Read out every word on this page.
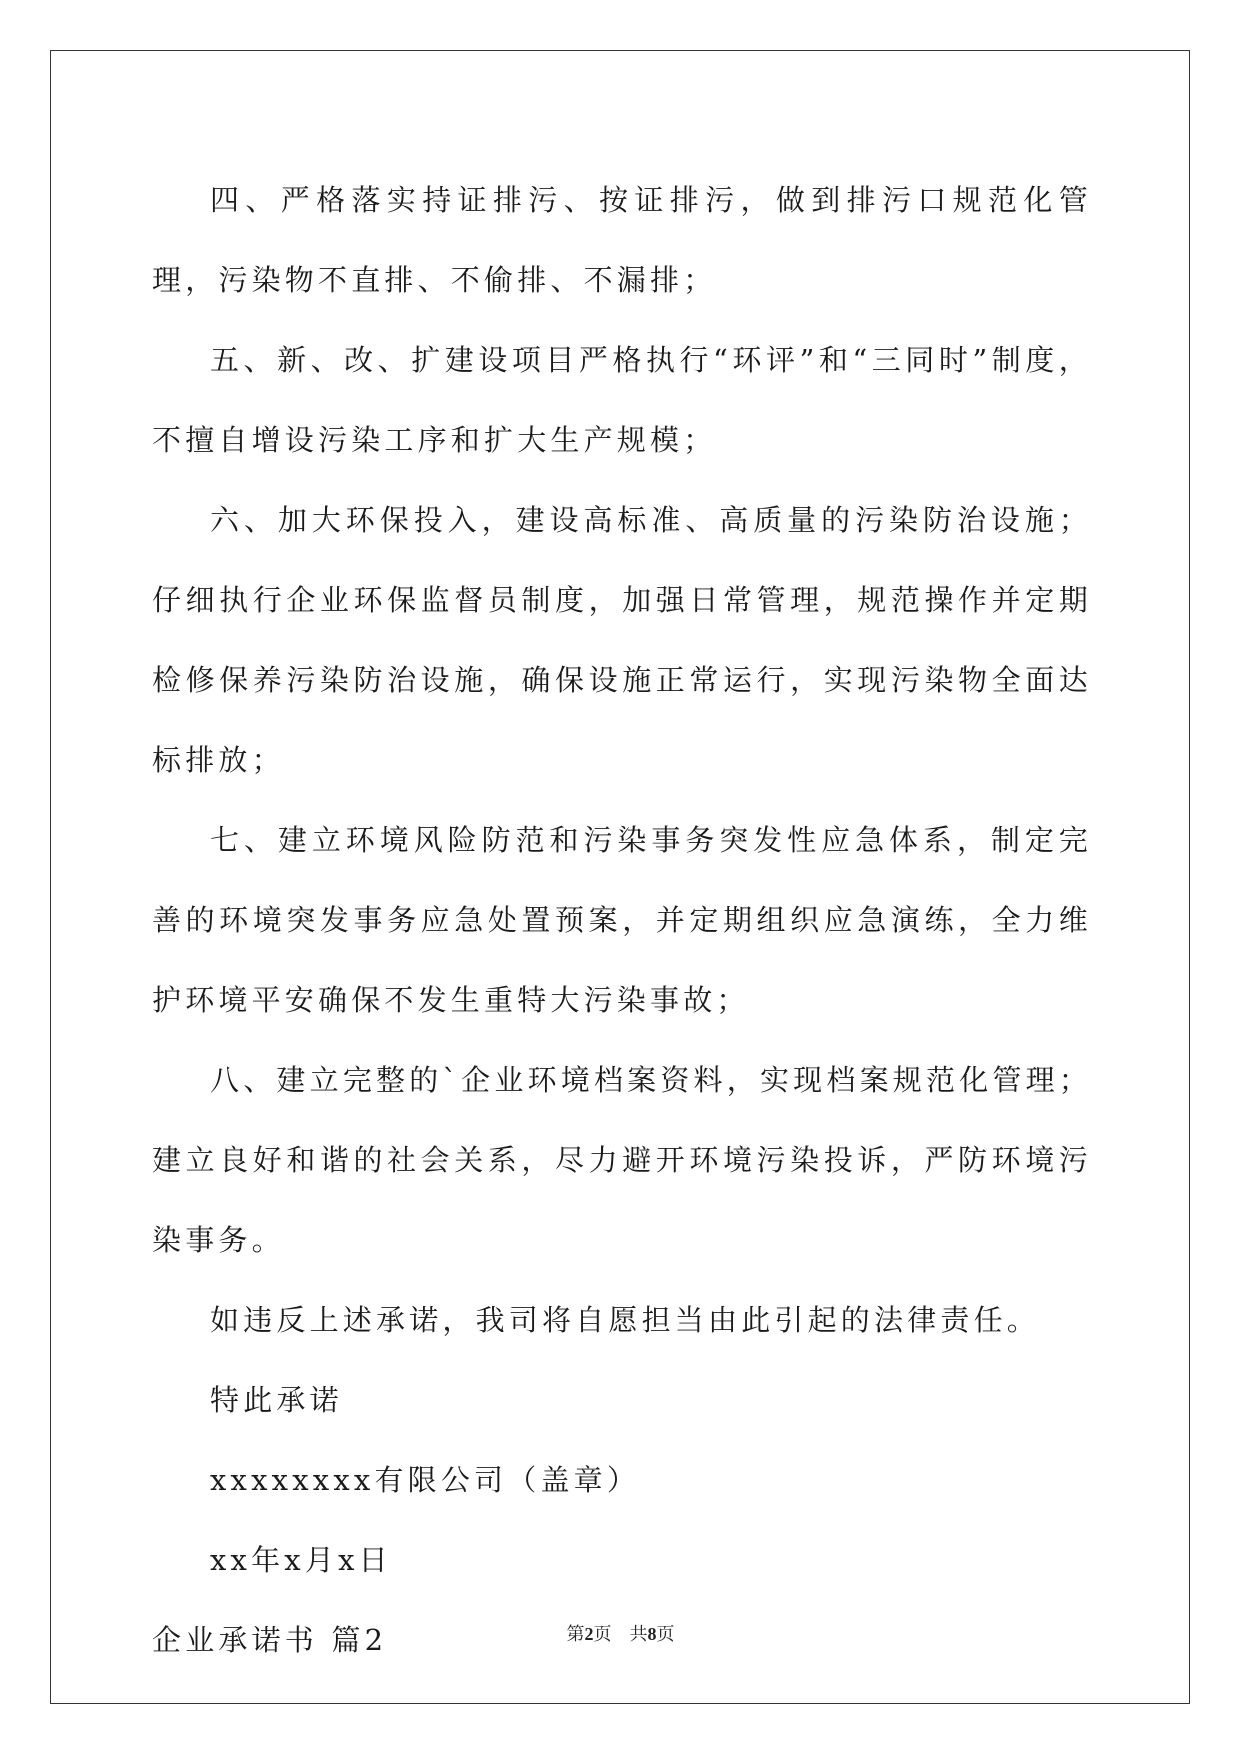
四、严格落实持证排污、按证排污，做到排污口规范化管理，污染物不直排、不偷排、不漏排；

五、新、改、扩建设项目严格执行“环评”和“三同时”制度，不擅自增设污染工序和扩大生产规模；

六、加大环保投入，建设高标准、高质量的污染防治设施；仔细执行企业环保监督员制度，加强日常管理，规范操作并定期检修保养污染防治设施，确保设施正常运行，实现污染物全面达标排放；

七、建立环境风险防范和污染事务突发性应急体系，制定完善的环境突发事务应急处置预案，并定期组织应急演练，全力维护环境平安确保不发生重特大污染事故；

八、建立完整的`企业环境档案资料，实现档案规范化管理；建立良好和谐的社会关系，尽力避开环境污染投诉，严防环境污染事务。

如违反上述承诺，我司将自愿担当由此引起的法律责任。

特此承诺

xxxxxxxx有限公司（盖章）

xx年x月x日

企业承诺书 篇2	第2页　共8页
